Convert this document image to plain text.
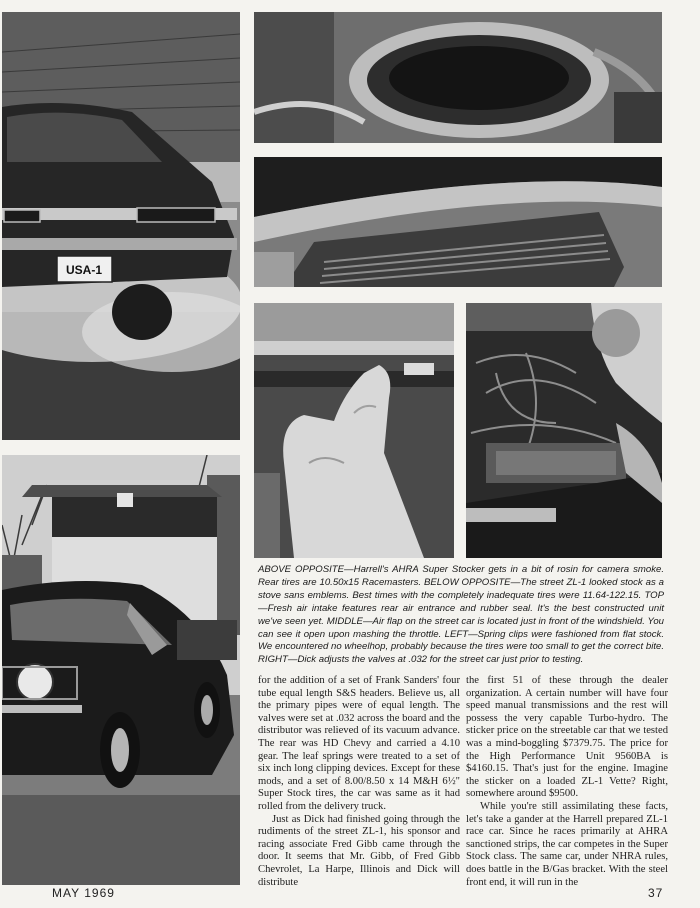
USA-1

ABOVE OPPOSITE—Harrell's AHRA Super Stocker gets in a bit of rosin for camera smoke. Rear tires are 10.50x15 Racemasters. BELOW OPPOSITE—The street ZL-1 looked stock as a stove sans emblems. Best times with the completely inadequate tires were 11.64-122.15. TOP—Fresh air intake features rear air entrance and rubber seal. It's the best constructed unit we've seen yet. MIDDLE—Air flap on the street car is located just in front of the windshield. You can see it open upon mashing the throttle. LEFT—Spring clips were fashioned from flat stock. We encountered no wheelhop, probably because the tires were too small to get the correct bite. RIGHT—Dick adjusts the valves at .032 for the street car just prior to testing.

for the addition of a set of Frank Sanders' four tube equal length S&S headers. Believe us, all the primary pipes were of equal length. The valves were set at .032 across the board and the distributor was relieved of its vacuum advance. The rear was HD Chevy and carried a 4.10 gear. The leaf springs were treated to a set of six inch long clipping devices. Except for these mods, and a set of 8.00/8.50 x 14 M&H 6½" Super Stock tires, the car was same as it had rolled from the delivery truck.

Just as Dick had finished going through the rudiments of the street ZL-1, his sponsor and racing associate Fred Gibb came through the door. It seems that Mr. Gibb, of Fred Gibb Chevrolet, La Harpe, Illinois and Dick will distribute

the first 51 of these through the dealer organization. A certain number will have four speed manual transmissions and the rest will possess the very capable Turbo-hydro. The sticker price on the streetable car that we tested was a mind-boggling $7379.75. The price for the High Performance Unit 9560BA is $4160.15. That's just for the engine. Imagine the sticker on a loaded ZL-1 Vette? Right, somewhere around $9500.

While you're still assimilating these facts, let's take a gander at the Harrell prepared ZL-1 race car. Since he races primarily at AHRA sanctioned strips, the car competes in the Super Stock class. The same car, under NHRA rules, does battle in the B/Gas bracket. With the steel front end, it will run in the

MAY 1969	37
